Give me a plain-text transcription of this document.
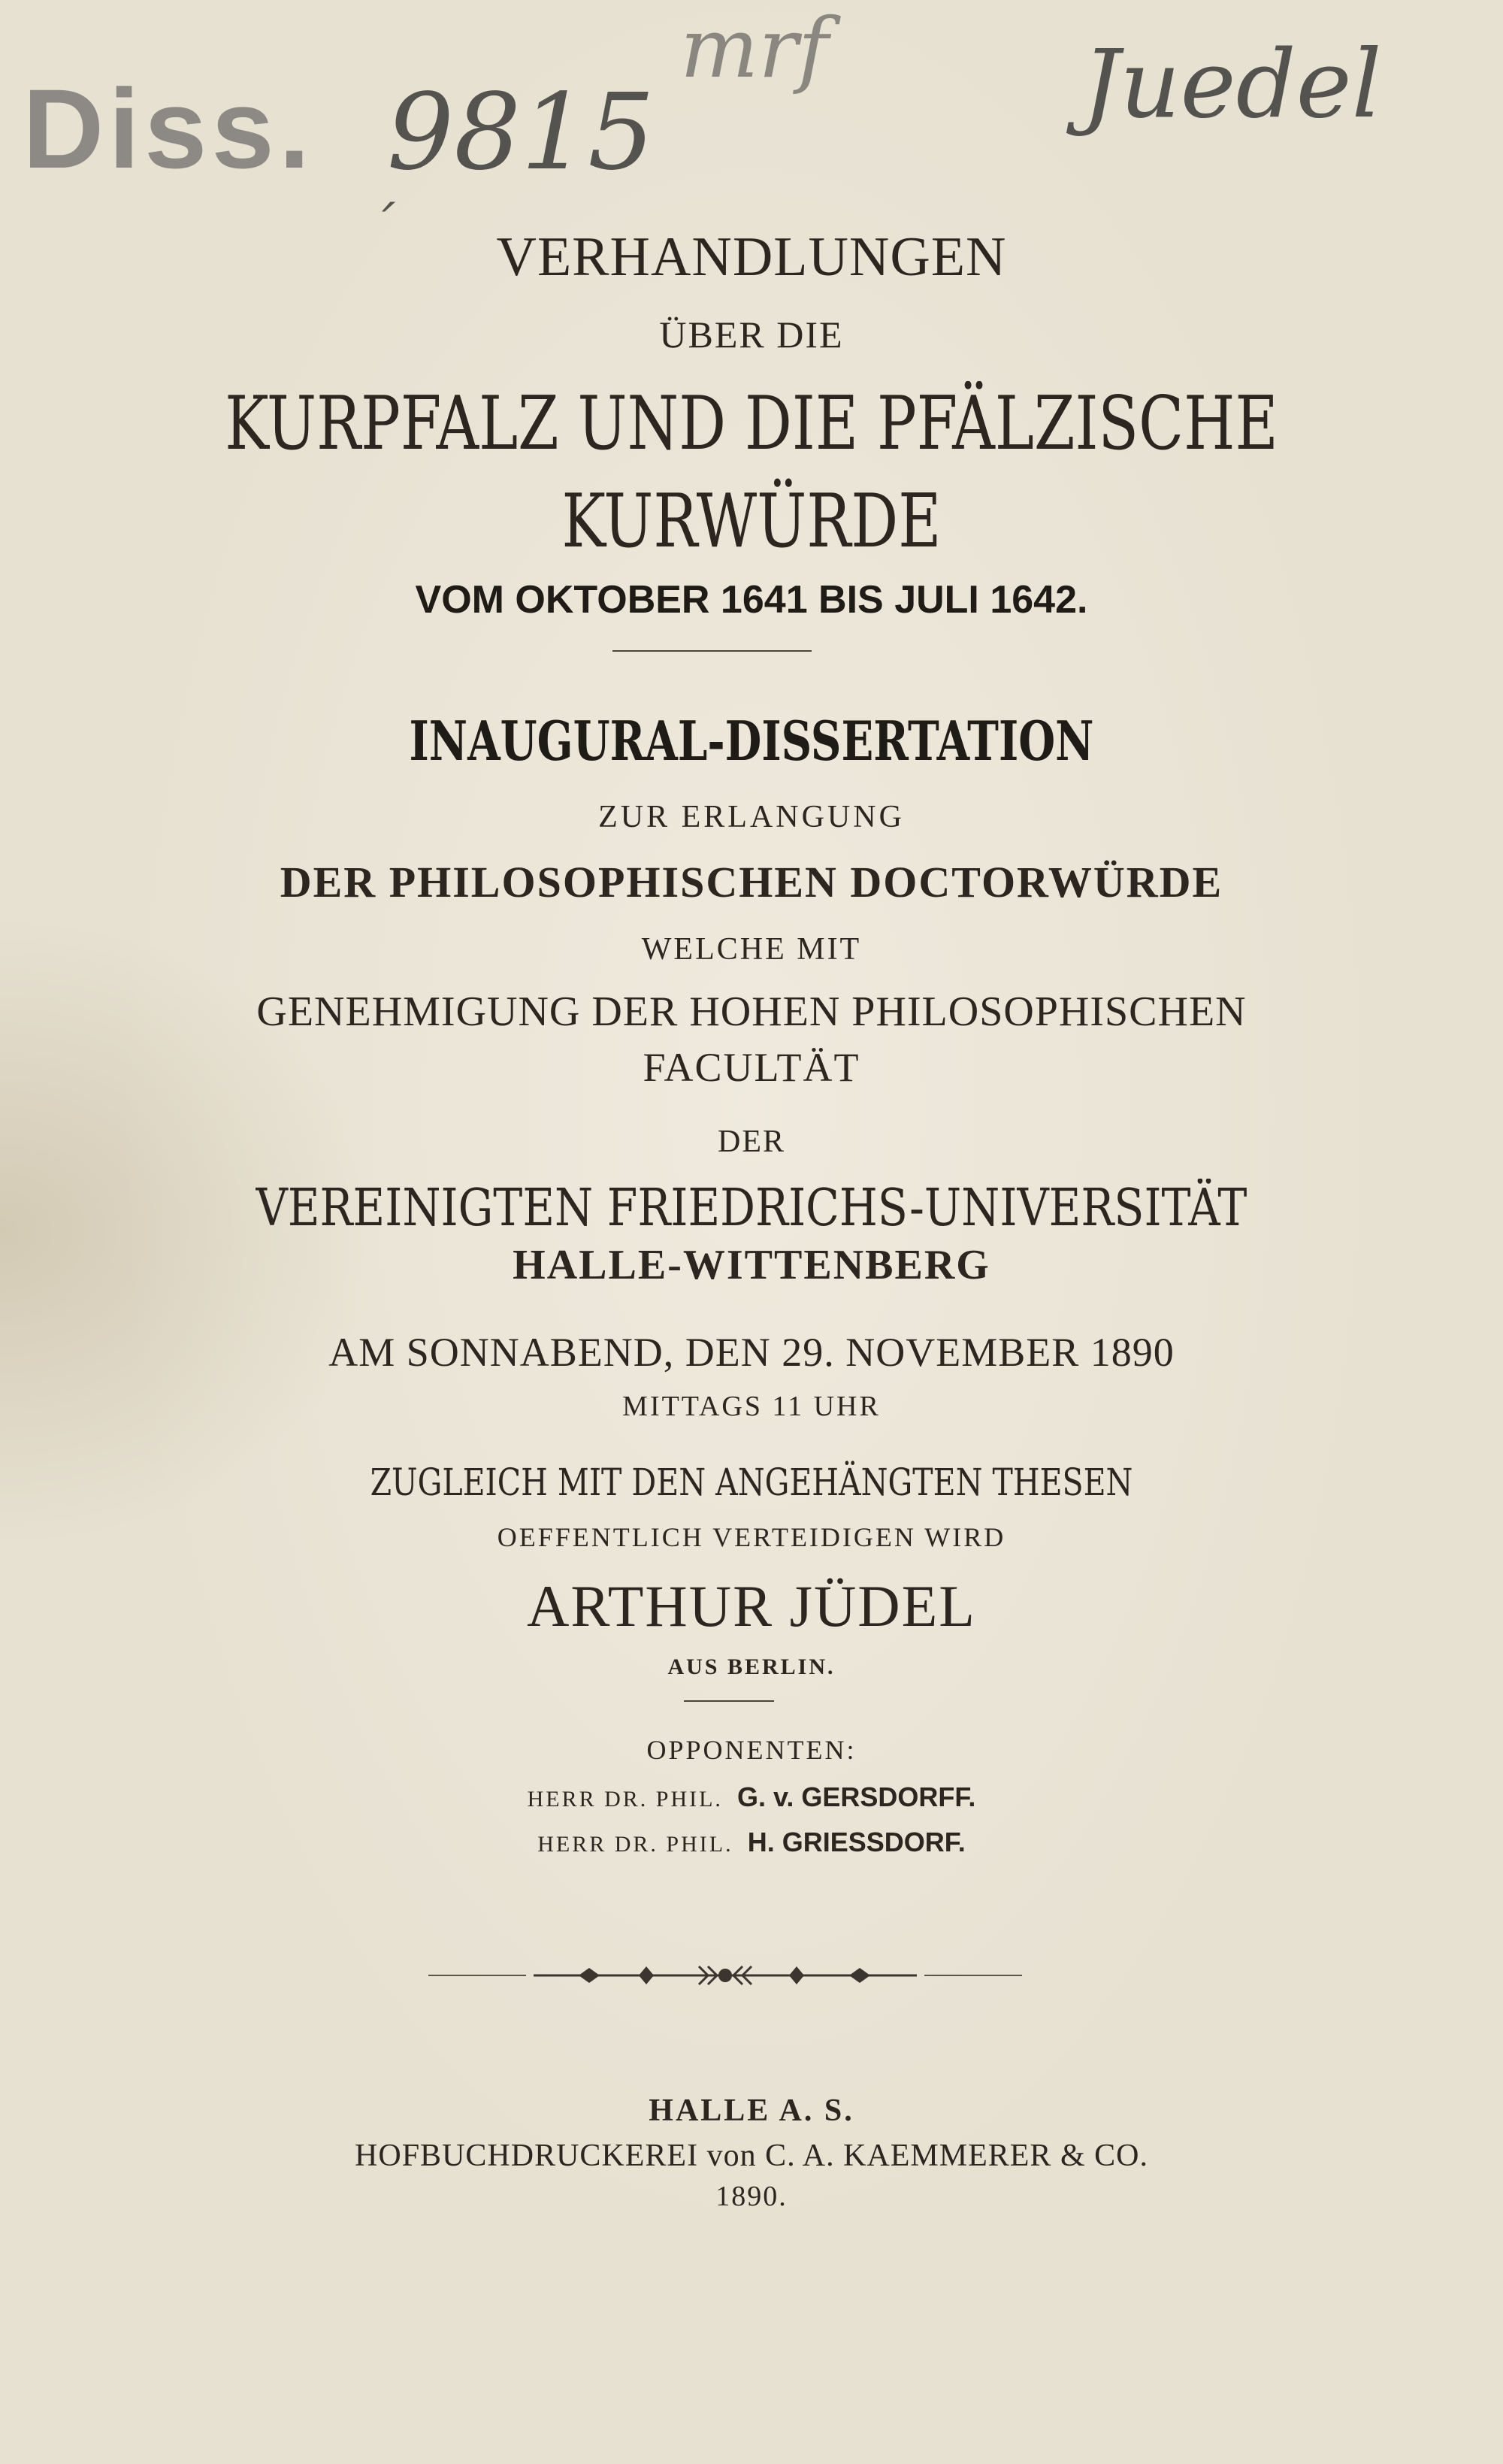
Diss. 9815
mrf	Juedel
´	VERHANDLUNGEN
ÜBER DIE
KURPFALZ UND DIE PFÄLZISCHE
KURWÜRDE
VOM OKTOBER 1641 BIS JULI 1642.
INAUGURAL-DISSERTATION
ZUR ERLANGUNG
DER PHILOSOPHISCHEN DOCTORWÜRDE
WELCHE MIT
GENEHMIGUNG DER HOHEN PHILOSOPHISCHEN
FACULTÄT
DER
VEREINIGTEN FRIEDRICHS-UNIVERSITÄT
HALLE-WITTENBERG
AM SONNABEND, DEN 29. NOVEMBER 1890
MITTAGS 11 UHR
ZUGLEICH MIT DEN ANGEHÄNGTEN THESEN
OEFFENTLICH VERTEIDIGEN WIRD
ARTHUR JÜDEL
AUS BERLIN.
OPPONENTEN:
HERR DR. PHIL. G. v. GERSDORFF.
HERR DR. PHIL. H. GRIESSDORF.
HALLE A. S.
HOFBUCHDRUCKEREI von C. A. KAEMMERER & CO.
1890.
